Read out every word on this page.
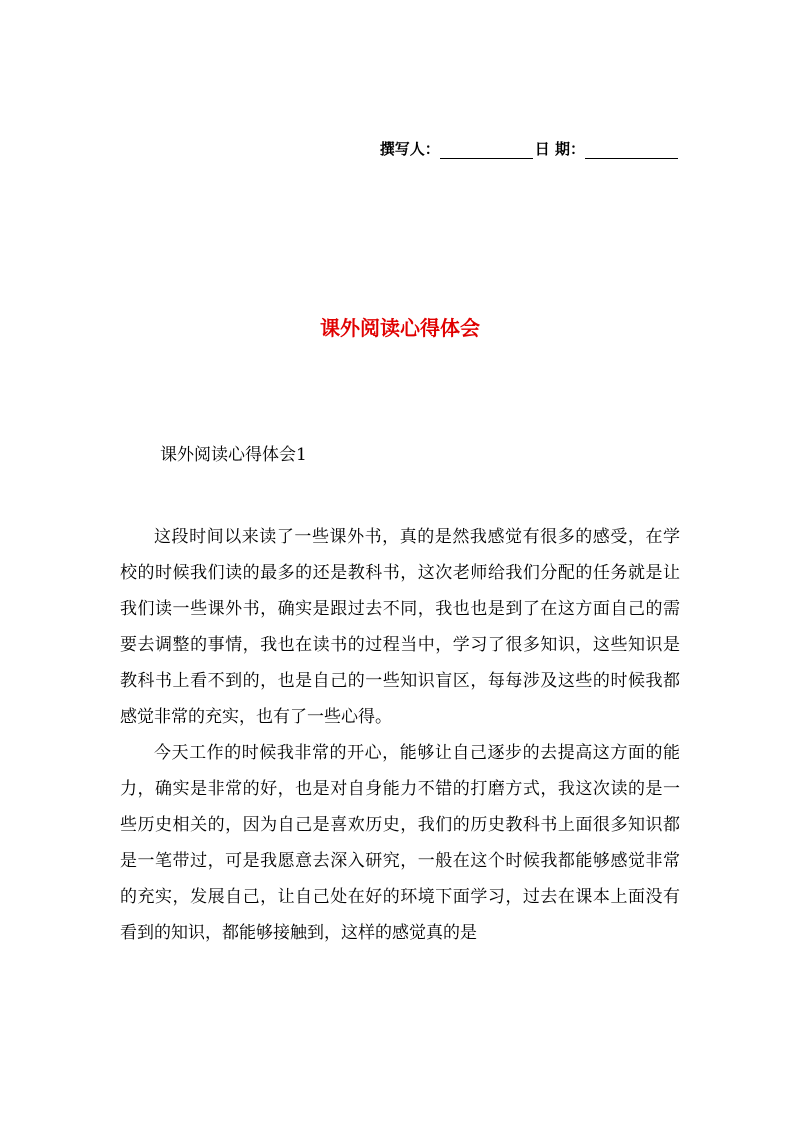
撰写人：	日 期：
课外阅读心得体会
课外阅读心得体会1

这段时间以来读了一些课外书，真的是然我感觉有很多的感受，在学校的时候我们读的最多的还是教科书，这次老师给我们分配的任务就是让我们读一些课外书，确实是跟过去不同，我也也是到了在这方面自己的需要去调整的事情，我也在读书的过程当中，学习了很多知识，这些知识是教科书上看不到的，也是自己的一些知识盲区，每每涉及这些的时候我都感觉非常的充实，也有了一些心得。

今天工作的时候我非常的开心，能够让自己逐步的去提高这方面的能力，确实是非常的好，也是对自身能力不错的打磨方式，我这次读的是一些历史相关的，因为自己是喜欢历史，我们的历史教科书上面很多知识都是一笔带过，可是我愿意去深入研究，一般在这个时候我都能够感觉非常的充实，发展自己，让自己处在好的环境下面学习，过去在课本上面没有看到的知识，都能够接触到，这样的感觉真的是
